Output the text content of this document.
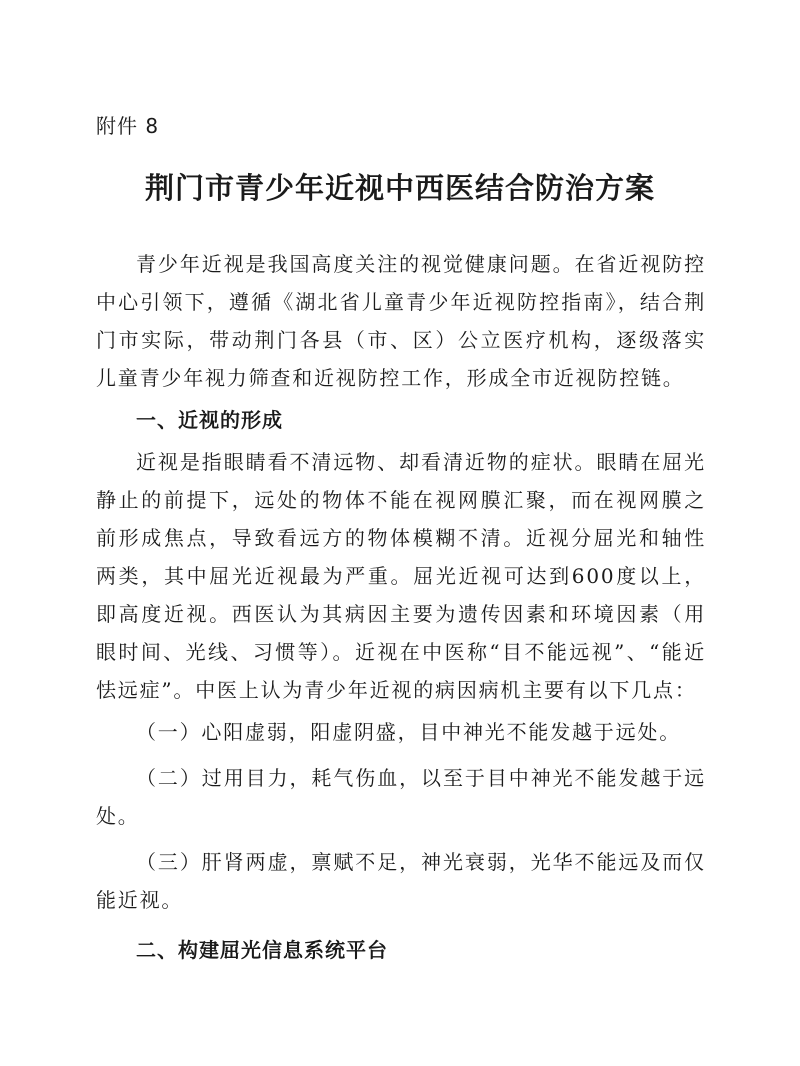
附件 8
荆门市青少年近视中西医结合防治方案

青少年近视是我国高度关注的视觉健康问题。在省近视防控中心引领下，遵循《湖北省儿童青少年近视防控指南》，结合荆门市实际，带动荆门各县（市、区）公立医疗机构，逐级落实儿童青少年视力筛查和近视防控工作，形成全市近视防控链。

一、近视的形成

近视是指眼睛看不清远物、却看清近物的症状。眼睛在屈光静止的前提下，远处的物体不能在视网膜汇聚，而在视网膜之前形成焦点，导致看远方的物体模糊不清。近视分屈光和轴性两类，其中屈光近视最为严重。屈光近视可达到600度以上，即高度近视。西医认为其病因主要为遗传因素和环境因素（用眼时间、光线、习惯等）。近视在中医称“目不能远视”、“能近怯远症”。中医上认为青少年近视的病因病机主要有以下几点：

（一）心阳虚弱，阳虚阴盛，目中神光不能发越于远处。

（二）过用目力，耗气伤血，以至于目中神光不能发越于远处。

（三）肝肾两虚，禀赋不足，神光衰弱，光华不能远及而仅能近视。

二、构建屈光信息系统平台
